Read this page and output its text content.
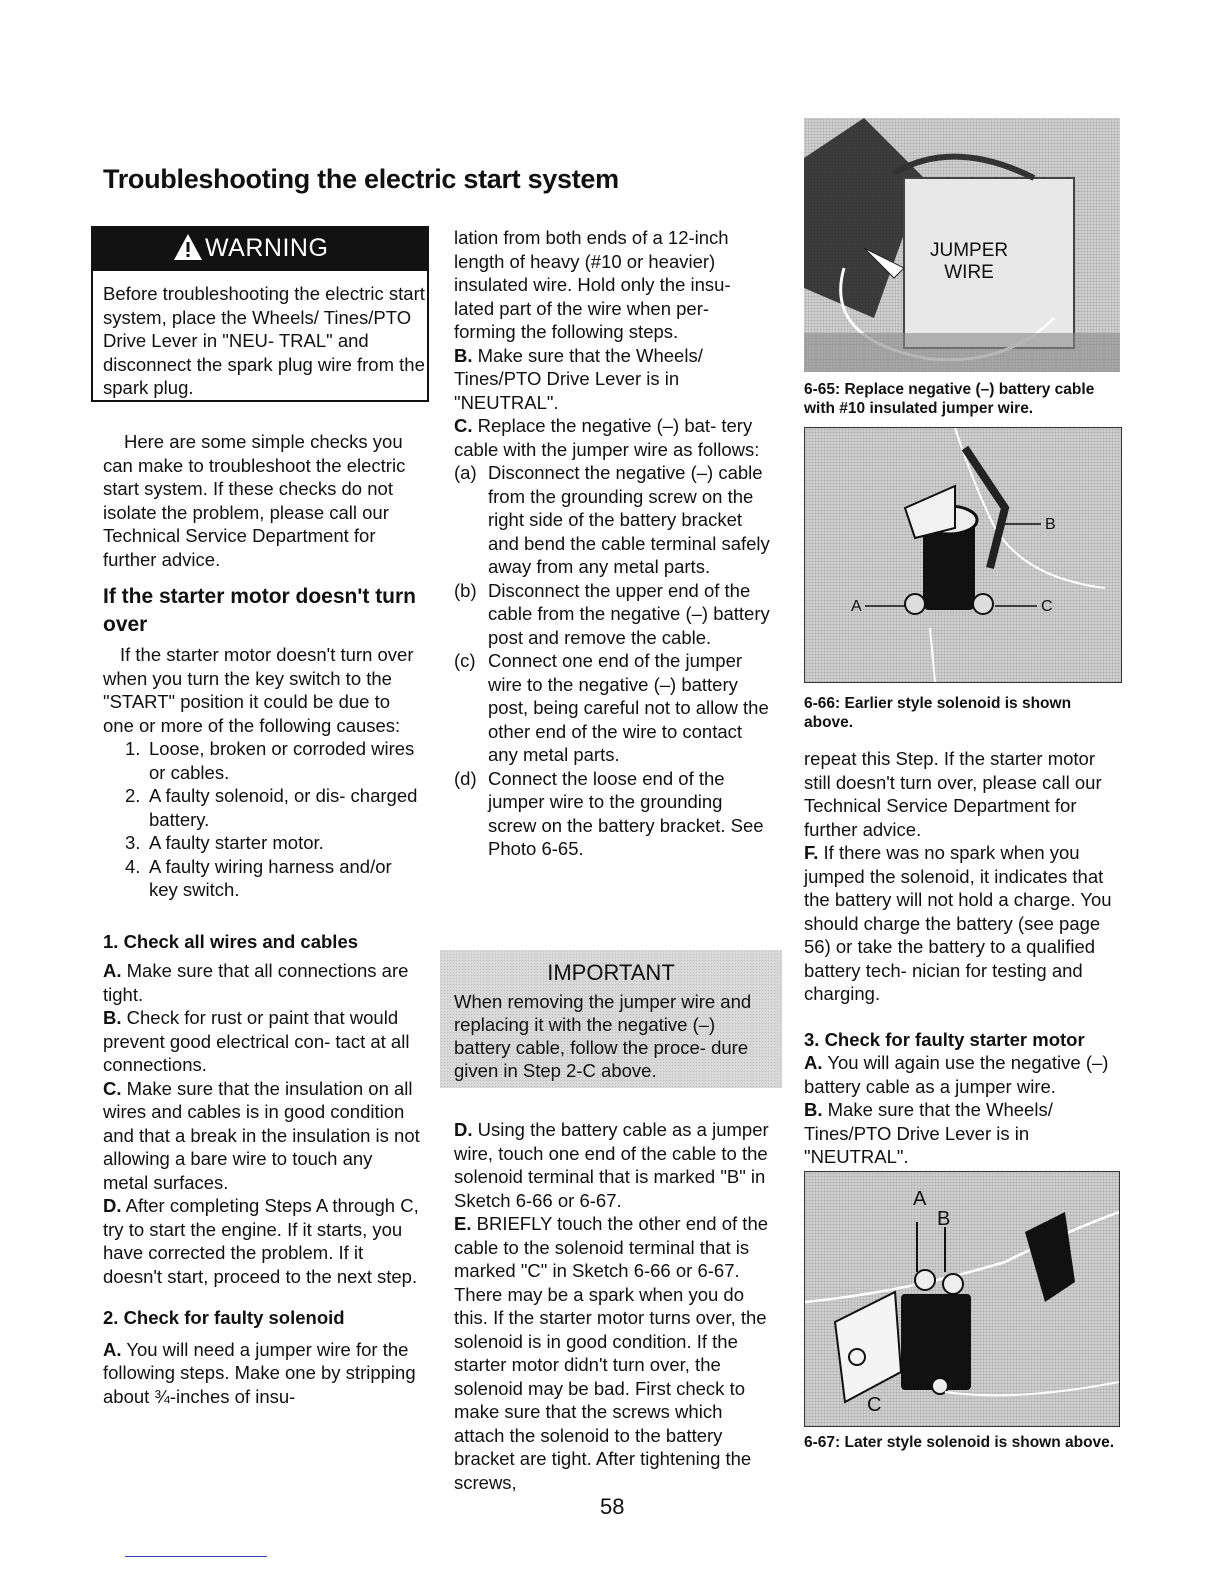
Troubleshooting the electric start system
WARNING
Before troubleshooting the electric start system, place the Wheels/ Tines/PTO Drive Lever in "NEU- TRAL" and disconnect the spark plug wire from the spark plug.

Here are some simple checks you can make to troubleshoot the electric start system. If these checks do not isolate the problem, please call our Technical Service Department for further advice.

If the starter motor doesn't turn over

If the starter motor doesn't turn over when you turn the key switch to the "START" position it could be due to one or more of the following causes:

1. Loose, broken or corroded wires or cables.
2. A faulty solenoid, or dis- charged battery.
3. A faulty starter motor.
4. A faulty wiring harness and/or key switch.
1. Check all wires and cables

A. Make sure that all connections are tight.

B. Check for rust or paint that would prevent good electrical con- tact at all connections.

C. Make sure that the insulation on all wires and cables is in good condition and that a break in the insulation is not allowing a bare wire to touch any metal surfaces.

D. After completing Steps A through C, try to start the engine. If it starts, you have corrected the problem. If it doesn't start, proceed to the next step.

2. Check for faulty solenoid

A. You will need a jumper wire for the following steps. Make one by stripping about ¾-inches of insu-

lation from both ends of a 12-inch length of heavy (#10 or heavier) insulated wire. Hold only the insu- lated part of the wire when per- forming the following steps.

B. Make sure that the Wheels/ Tines/PTO Drive Lever is in "NEUTRAL".

C. Replace the negative (–) bat- tery cable with the jumper wire as follows:

(a) Disconnect the negative (–) cable from the grounding screw on the right side of the battery bracket and bend the cable terminal safely away from any metal parts.
(b) Disconnect the upper end of the cable from the negative (–) battery post and remove the cable.
(c) Connect one end of the jumper wire to the negative (–) battery post, being careful not to allow the other end of the wire to contact any metal parts.
(d) Connect the loose end of the jumper wire to the grounding screw on the battery bracket. See Photo 6-65.
IMPORTANT
When removing the jumper wire and replacing it with the negative (–) battery cable, follow the proce- dure given in Step 2-C above.

D. Using the battery cable as a jumper wire, touch one end of the cable to the solenoid terminal that is marked "B" in Sketch 6-66 or 6-67.

E. BRIEFLY touch the other end of the cable to the solenoid terminal that is marked "C" in Sketch 6-66 or 6-67. There may be a spark when you do this. If the starter motor turns over, the solenoid is in good condition. If the starter motor didn't turn over, the solenoid may be bad. First check to make sure that the screws which attach the solenoid to the battery bracket are tight. After tightening the screws,

JUMPER
WIRE
6-65: Replace negative (–) battery cable with #10 insulated jumper wire.
B
A	C
6-66: Earlier style solenoid is shown above.

repeat this Step. If the starter motor still doesn't turn over, please call our Technical Service Department for further advice.

F. If there was no spark when you jumped the solenoid, it indicates that the battery will not hold a charge. You should charge the battery (see page 56) or take the battery to a qualified battery tech- nician for testing and charging.

3. Check for faulty starter motor

A. You will again use the negative (–) battery cable as a jumper wire.

B. Make sure that the Wheels/ Tines/PTO Drive Lever is in "NEUTRAL".

A
B
C
6-67: Later style solenoid is shown above.
58
